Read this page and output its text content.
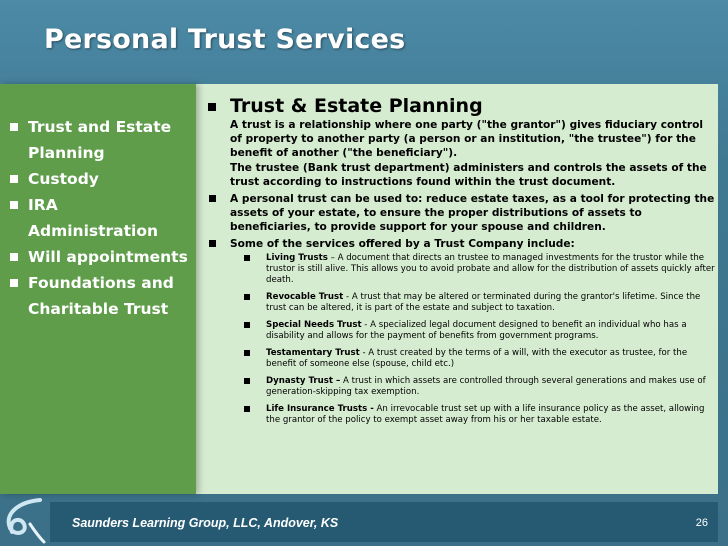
Personal Trust Services
Trust and Estate Planning
Custody
IRA Administration
Will appointments
Foundations and Charitable Trust
Trust & Estate Planning
A trust is a relationship where one party ("the grantor") gives fiduciary control of property to another party (a person or an institution, "the trustee") for the benefit of another ("the beneficiary").
The trustee (Bank trust department) administers and controls the assets of the trust according to instructions found within the trust document.
A personal trust can be used to: reduce estate taxes, as a tool for protecting the assets of your estate, to ensure the proper distributions of assets to beneficiaries, to provide support for your spouse and children.
Some of the services offered by a Trust Company include:
Living Trusts – A document that directs an trustee to managed investments for the trustor while the trustor is still alive. This allows you to avoid probate and allow for the distribution of assets quickly after death.
Revocable Trust - A trust that may be altered or terminated during the grantor's lifetime. Since the trust can be altered, it is part of the estate and subject to taxation.
Special Needs Trust - A specialized legal document designed to benefit an individual who has a disability and allows for the payment of benefits from government programs.
Testamentary Trust - A trust created by the terms of a will, with the executor as trustee, for the benefit of someone else (spouse, child etc.)
Dynasty Trust – A trust in which assets are controlled through several generations and makes use of generation-skipping tax exemption.
Life Insurance Trusts - An irrevocable trust set up with a life insurance policy as the asset, allowing the grantor of the policy to exempt asset away from his or her taxable estate.
Saunders Learning Group, LLC, Andover, KS	26
